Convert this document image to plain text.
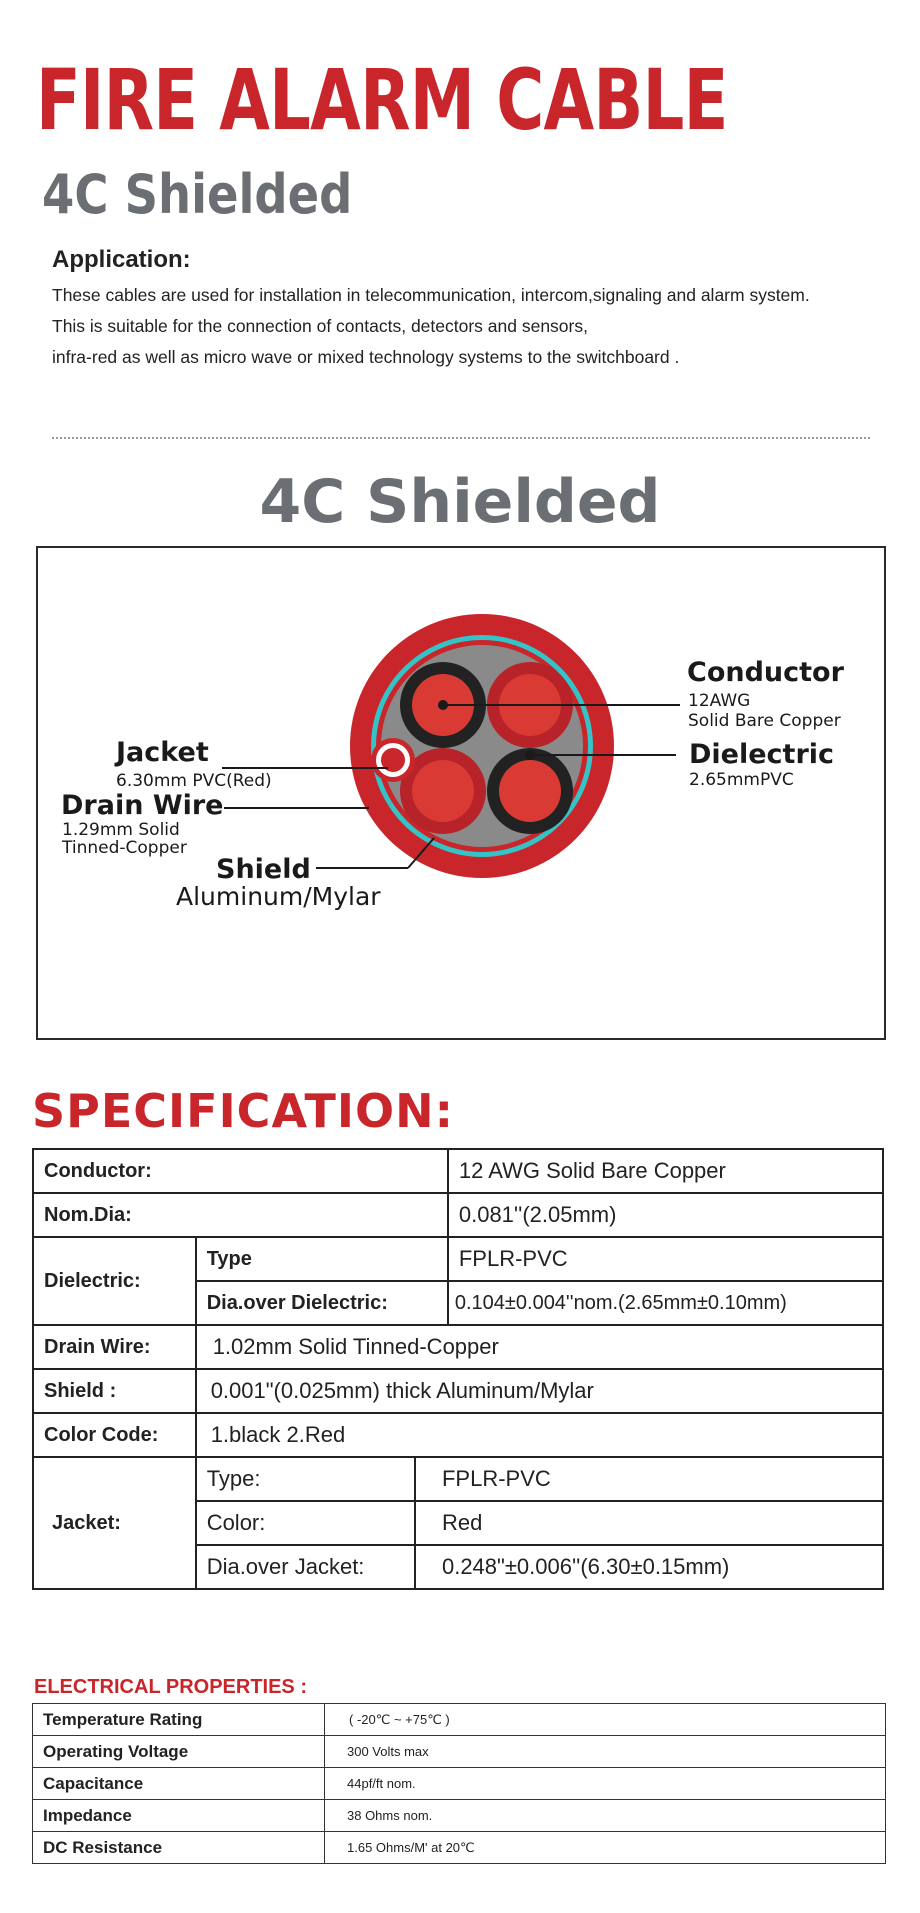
FIRE ALARM CABLE
4C Shielded
Application:
These cables are used for installation in telecommunication, intercom,signaling and alarm system.
This is suitable for the connection of contacts, detectors and sensors,
infra-red as well as micro wave or mixed technology systems to the switchboard .
4C Shielded
Conductor
12AWG
Solid Bare Copper
Dielectric
2.65mmPVC
Jacket
6.30mm PVC(Red)
Drain Wire
1.29mm Solid
Tinned-Copper
Shield
Aluminum/Mylar
SPECIFICATION:
Conductor:			12 AWG Solid Bare Copper
Nom.Dia:			0.081''(2.05mm)
Dielectric:	Type		FPLR-PVC
	Dia.over Dielectric:		0.104±0.004''nom.(2.65mm±0.10mm)
Drain Wire:	1.02mm Solid Tinned-Copper		
Shield :	0.001"(0.025mm) thick Aluminum/Mylar		
Color Code:	1.black 2.Red		
Jacket:	Type:	FPLR-PVC	
	Color:	Red	
	Dia.over Jacket:	0.248"±0.006''(6.30±0.15mm)	
ELECTRICAL PROPERTIES :
Temperature Rating	( -20℃ ~ +75℃ )
Operating Voltage	300 Volts max
Capacitance	44pf/ft nom.
Impedance	38 Ohms nom.
DC Resistance	1.65 Ohms/M' at 20℃
